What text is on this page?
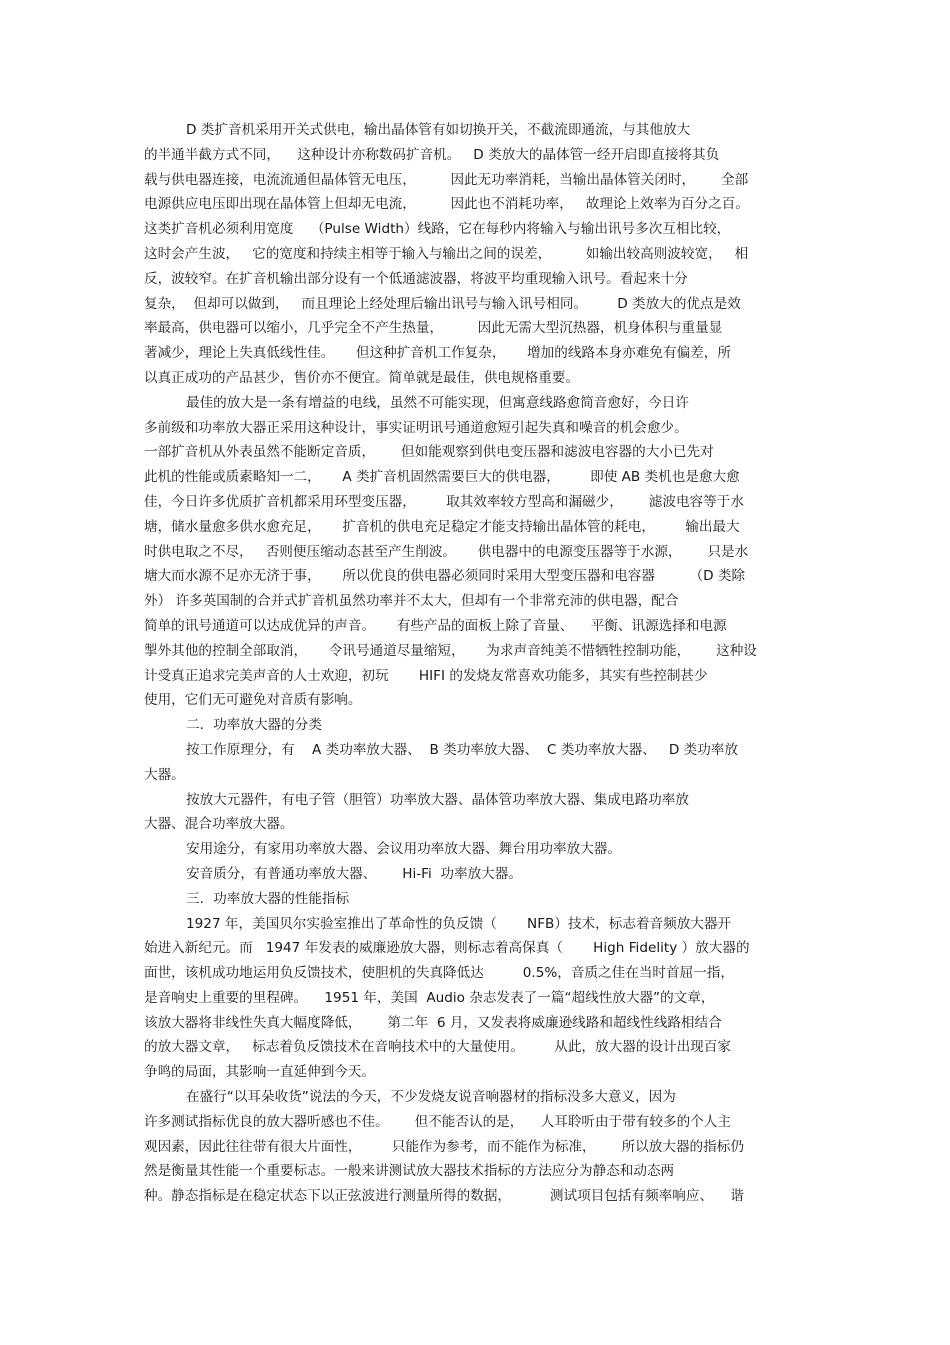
D 类扩音机采用开关式供电，输出晶体管有如切换开关，不截流即通流，与其他放大
的半通半截方式不同，    这种设计亦称数码扩音机。   D 类放大的晶体管一经开启即直接将其负
载与供电器连接，电流流通但晶体管无电压，        因此无功率消耗，当输出晶体管关闭时，      全部
电源供应电压即出现在晶体管上但却无电流，        因此也不消耗功率，   故理论上效率为百分之百。
这类扩音机必须利用宽度    （Pulse Width）线路，它在每秒内将输入与输出讯号多次互相比较，
这时会产生波，   它的宽度和持续主相等于输入与输出之间的误差，        如输出较高则波较宽，   相
反，波较窄。在扩音机输出部分设有一个低通滤波器，将波平均重现输入讯号。看起来十分
复杂，  但却可以做到，   而且理论上经处理后输出讯号与输入讯号相同。       D 类放大的优点是效
率最高，供电器可以缩小，几乎完全不产生热量，        因此无需大型沉热器，机身体积与重量显
著减少，理论上失真低线性佳。     但这种扩音机工作复杂，     增加的线路本身亦难免有偏差，所
以真正成功的产品甚少，售价亦不便宜。简单就是最佳，供电规格重要。
最佳的放大是一条有增益的电线，虽然不可能实现，但寓意线路愈简音愈好，今日许
多前级和功率放大器正采用这种设计，事实证明讯号通道愈短引起失真和噪音的机会愈少。
一部扩音机从外表虽然不能断定音质，      但如能观察到供电变压器和滤波电容器的大小已先对
此机的性能或质素略知一二，     A 类扩音机固然需要巨大的供电器，       即使 AB 类机也是愈大愈
佳，今日许多优质扩音机都采用环型变压器，       取其效率较方型高和漏磁少，      滤波电容等于水
塘，储水量愈多供水愈充足，     扩音机的供电充足稳定才能支持输出晶体管的耗电，       输出最大
时供电取之不尽，   否则便压缩动态甚至产生削波。     供电器中的电源变压器等于水源，      只是水
塘大而水源不足亦无济于事，     所以优良的供电器必须同时采用大型变压器和电容器        （D 类除
外） 许多英国制的合并式扩音机虽然功率并不太大，但却有一个非常充沛的供电器，配合
简单的讯号通道可以达成优异的声音。     有些产品的面板上除了音量、    平衡、讯源选择和电源
掣外其他的控制全部取消，     令讯号通道尽量缩短，     为求声音纯美不惜牺牲控制功能，      这种设
计受真正追求完美声音的人士欢迎，初玩       HIFI 的发烧友常喜欢功能多，其实有些控制甚少
使用，它们无可避免对音质有影响。
二．功率放大器的分类
按工作原理分，有    A 类功率放大器、  B 类功率放大器、  C 类功率放大器、   D 类功率放
大器。
按放大元器件，有电子管（胆管）功率放大器、晶体管功率放大器、集成电路功率放
大器、混合功率放大器。
安用途分，有家用功率放大器、会议用功率放大器、舞台用功率放大器。
安音质分，有普通功率放大器、      Hi-Fi  功率放大器。
三．功率放大器的性能指标
1927 年，美国贝尔实验室推出了革命性的负反馈（       NFB）技术，标志着音频放大器开
始进入新纪元。而   1947 年发表的威廉逊放大器，则标志着高保真（       High Fidelity ）放大器的
面世，该机成功地运用负反馈技术，使胆机的失真降低达         0.5%，音质之佳在当时首屈一指，
是音响史上重要的里程碑。    1951 年，美国  Audio 杂志发表了一篇“超线性放大器”的文章，
该放大器将非线性失真大幅度降低，      第二年  6 月，又发表将威廉逊线路和超线性线路相结合
的放大器文章，   标志着负反馈技术在音响技术中的大量使用。       从此，放大器的设计出现百家
争鸣的局面，其影响一直延伸到今天。
在盛行“以耳朵收货”说法的今天，不少发烧友说音响器材的指标没多大意义，因为
许多测试指标优良的放大器听感也不佳。      但不能否认的是，    人耳聆听由于带有较多的个人主
观因素，因此往往带有很大片面性，       只能作为参考，而不能作为标准，      所以放大器的指标仍
然是衡量其性能一个重要标志。一般来讲测试放大器技术指标的方法应分为静态和动态两
种。静态指标是在稳定状态下以正弦波进行测量所得的数据，         测试项目包括有频率响应、    谐
